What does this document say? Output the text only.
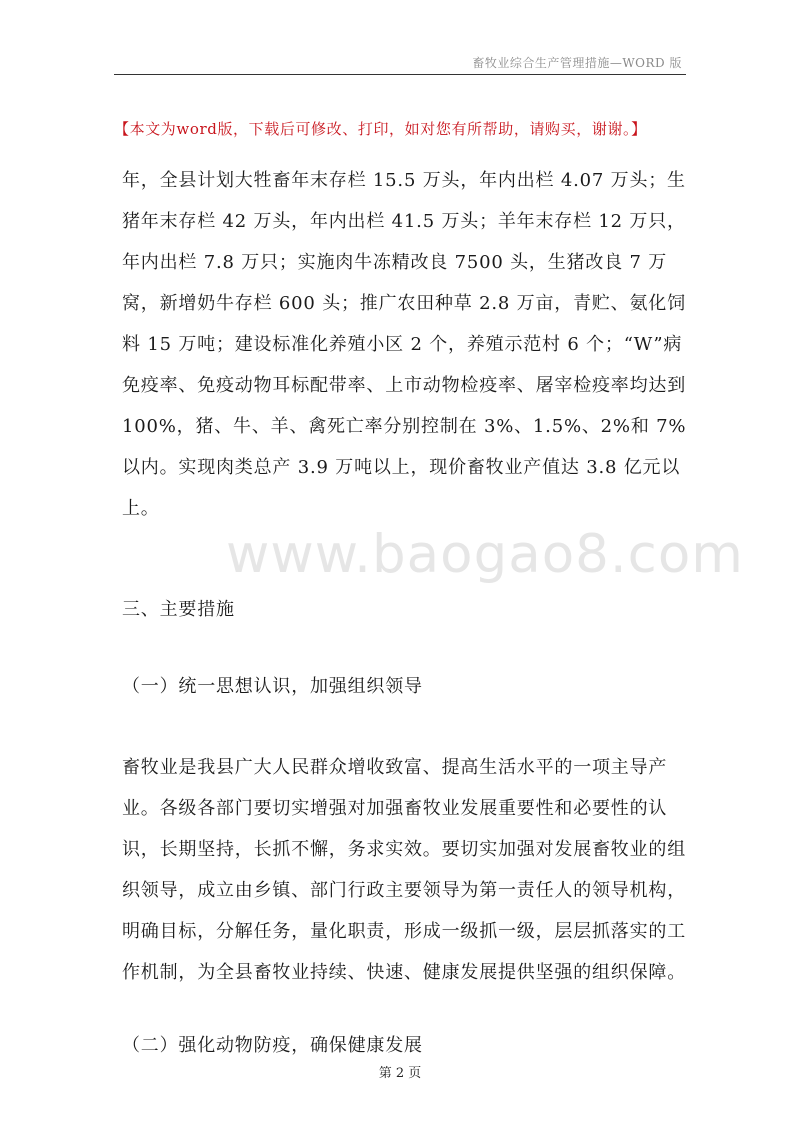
畜牧业综合生产管理措施—WORD 版
【本文为word版，下载后可修改、打印，如对您有所帮助，请购买，谢谢。】
www.baogao8.com

年，全县计划大牲畜年末存栏 15.5 万头，年内出栏 4.07 万头；生猪年末存栏 42 万头，年内出栏 41.5 万头；羊年末存栏 12 万只，年内出栏 7.8 万只；实施肉牛冻精改良 7500 头，生猪改良 7 万窝，新增奶牛存栏 600 头；推广农田种草 2.8 万亩，青贮、氨化饲料 15 万吨；建设标准化养殖小区 2 个，养殖示范村 6 个；“W”病免疫率、免疫动物耳标配带率、上市动物检疫率、屠宰检疫率均达到 100%，猪、牛、羊、禽死亡率分别控制在 3%、1.5%、2%和 7%以内。实现肉类总产 3.9 万吨以上，现价畜牧业产值达 3.8 亿元以上。

三、主要措施

（一）统一思想认识，加强组织领导

畜牧业是我县广大人民群众增收致富、提高生活水平的一项主导产业。各级各部门要切实增强对加强畜牧业发展重要性和必要性的认识，长期坚持，长抓不懈，务求实效。要切实加强对发展畜牧业的组织领导，成立由乡镇、部门行政主要领导为第一责任人的领导机构，明确目标，分解任务，量化职责，形成一级抓一级，层层抓落实的工作机制，为全县畜牧业持续、快速、健康发展提供坚强的组织保障。

（二）强化动物防疫，确保健康发展

第 2 页
